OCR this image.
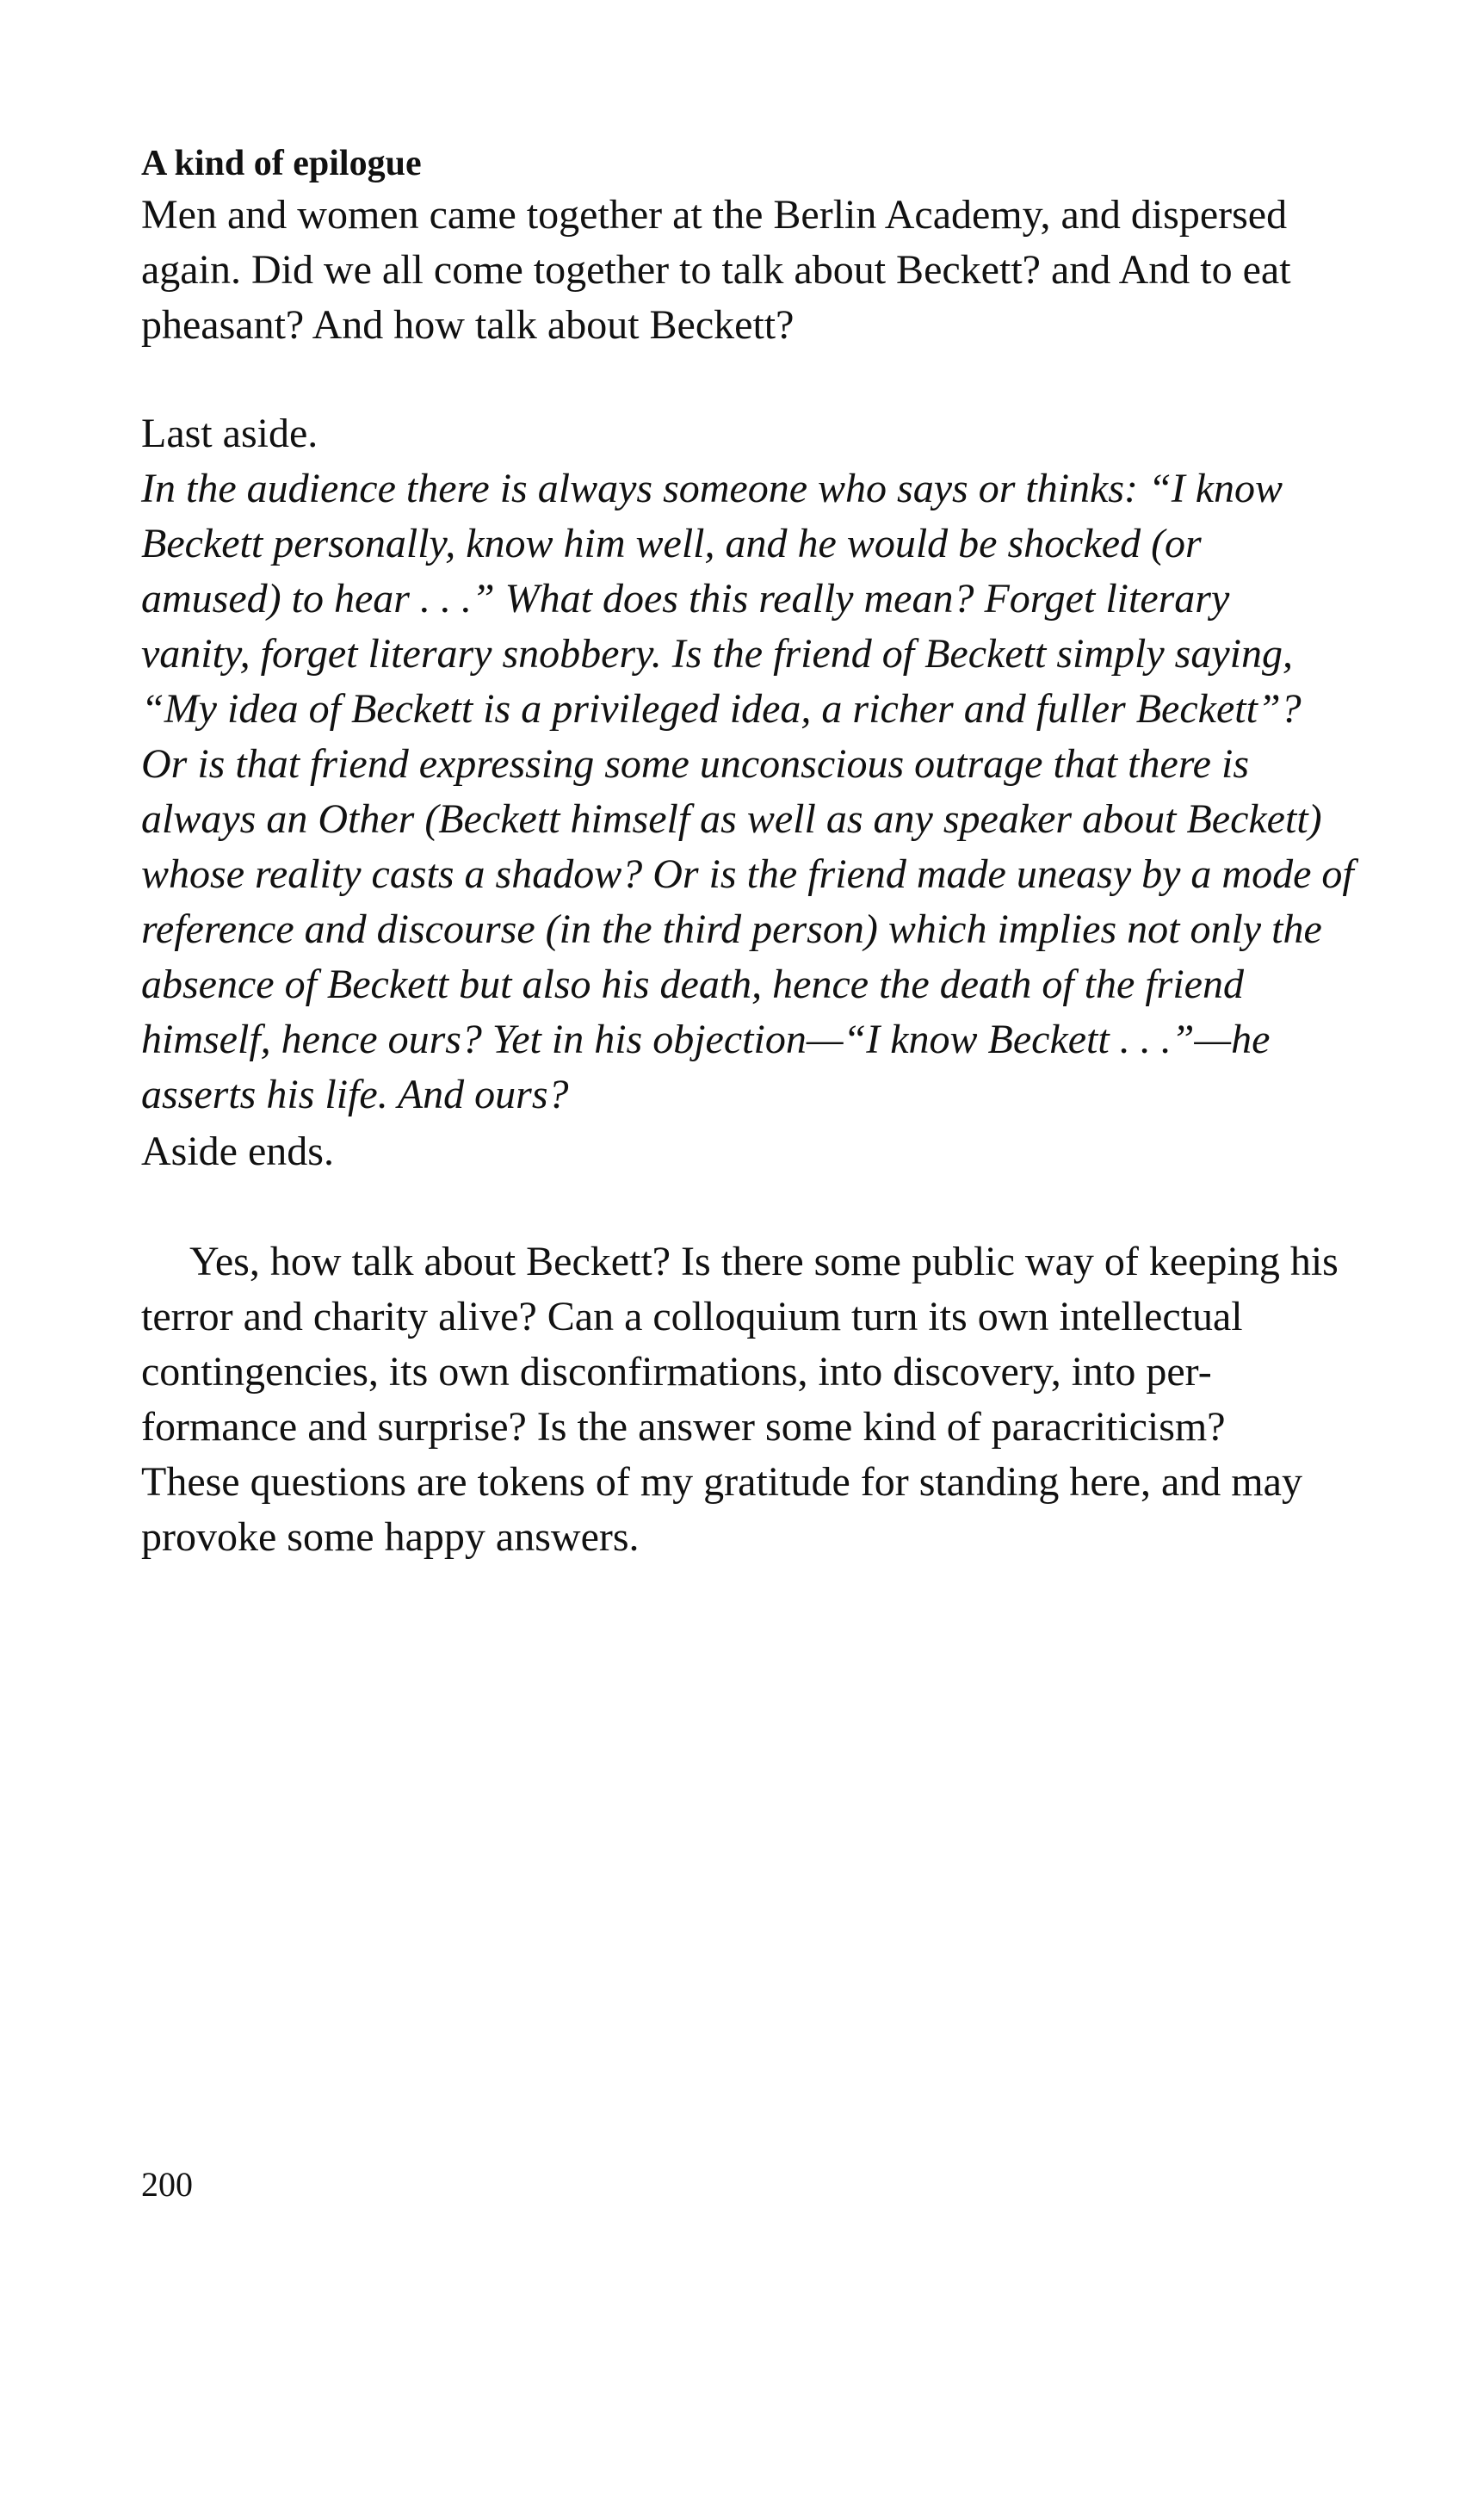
A kind of epilogue
Men and women came together at the Berlin Academy, and dispersed
again. Did we all come together to talk about Beckett? and And to eat
pheasant? And how talk about Beckett?
Last aside.
In the audience there is always someone who says or thinks: “I know
Beckett personally, know him well, and he would be shocked (or
amused) to hear . . .” What does this really mean? Forget literary
vanity, forget literary snobbery. Is the friend of Beckett simply saying,
“My idea of Beckett is a privileged idea, a richer and fuller Beckett”?
Or is that friend expressing some unconscious outrage that there is
always an Other (Beckett himself as well as any speaker about Beckett)
whose reality casts a shadow? Or is the friend made uneasy by a mode of
reference and discourse (in the third person) which implies not only the
absence of Beckett but also his death, hence the death of the friend
himself, hence ours? Yet in his objection—“I know Beckett . . .”—he
asserts his life. And ours?
Aside ends.
Yes, how talk about Beckett? Is there some public way of keeping his
terror and charity alive? Can a colloquium turn its own intellectual
contingencies, its own disconfirmations, into discovery, into per-
formance and surprise? Is the answer some kind of paracriticism?
These questions are tokens of my gratitude for standing here, and may
provoke some happy answers.

200
